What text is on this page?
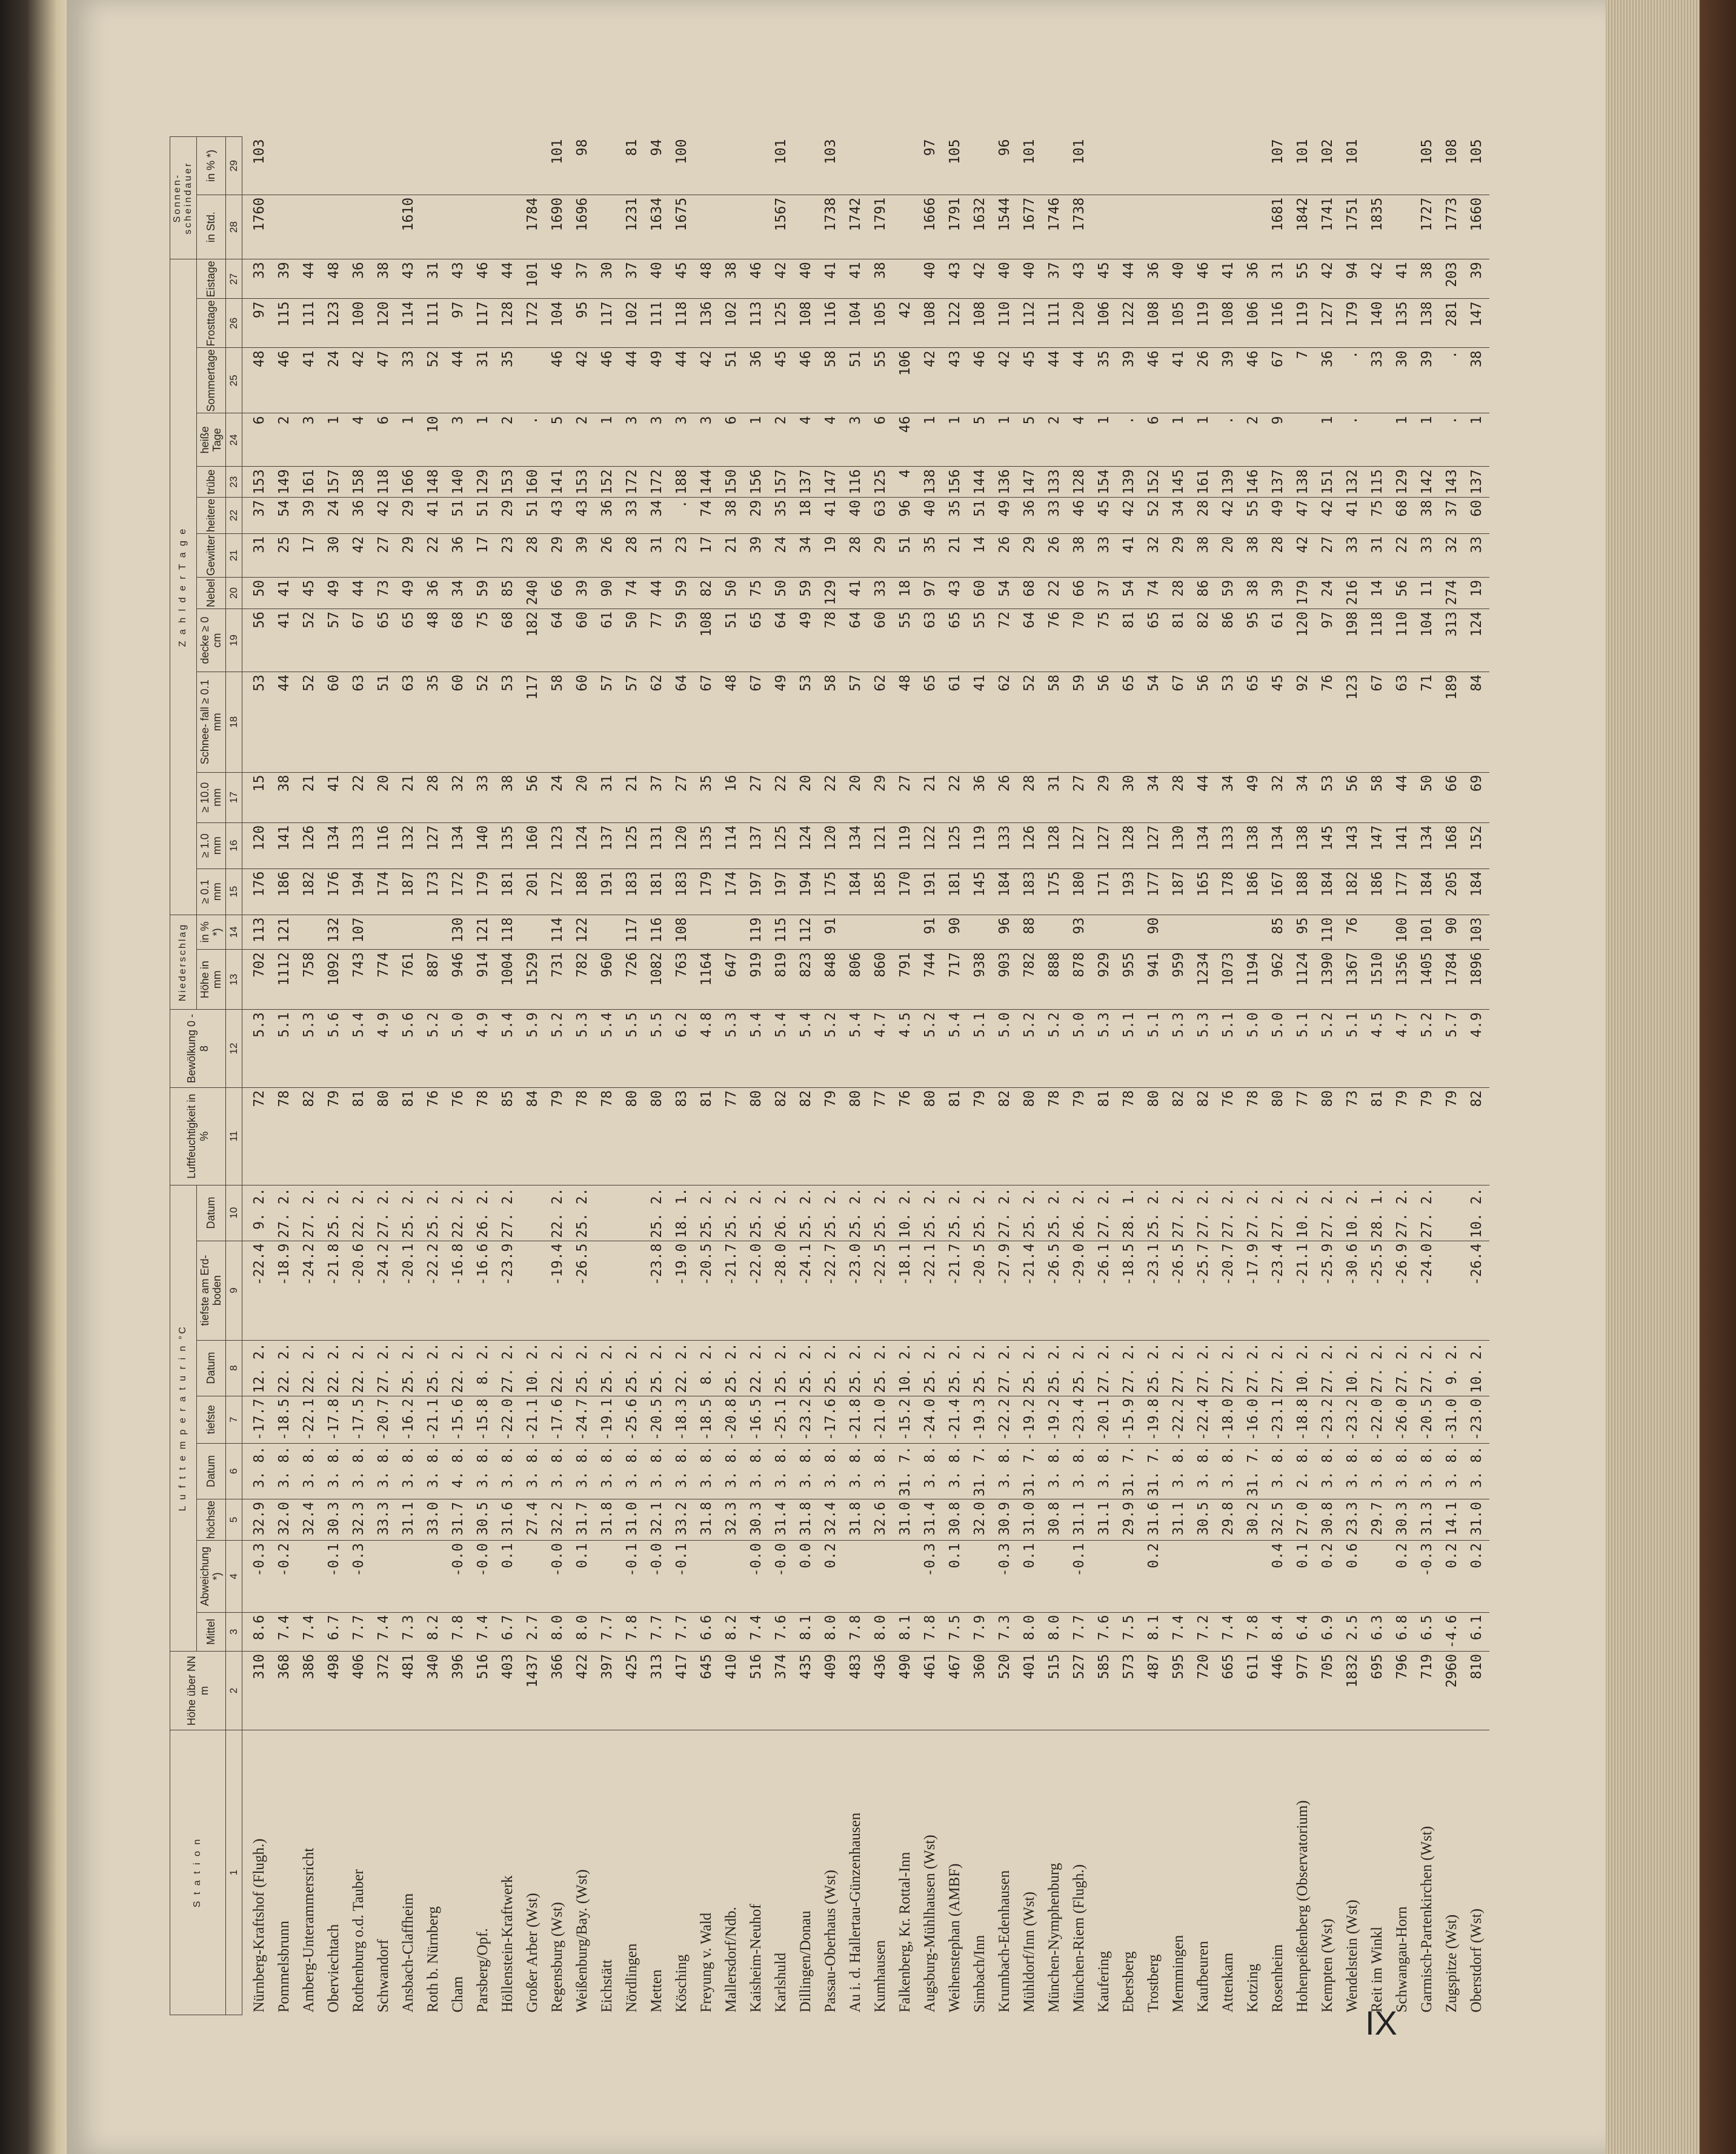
S t a t i o n	Höhe über NN m	L u f t t e m p e r a t u r i n °C								Luftfeuchtigkeit in %	Bewölkung 0 - 8	Niederschlag		Z a h l d e r T a g e													Sonnen- scheindauer	
		Mittel	Abweichung *)	höchste	Datum	tiefste	Datum	tiefste am Erd- boden	Datum			Höhe in mm	in % *)	≥ 0.1 mm	≥ 1.0 mm	≥ 10.0 mm	Schnee- fall ≥ 0.1 mm	decke ≥ 0 cm	Nebel	Gewitter	heitere	trübe	heiße Tage	Sommertage	Frosttage	Eistage	in Std.	in % *)
1	2	3	4	5	6	7	8	9	10	11	12	13	14	15	16	17	18	19	20	21	22	23	24	25	26	27	28	29
Nürnberg-Kraftshof (Flugh.)	310	8.6	-0.3	32.9	3. 8.	-17.7	12. 2.	-22.4	9. 2.	72	5.3	702	113	176	120	15	53	56	50	31	37	153	6	48	97	33	1760	103
Pommelsbrunn	368	7.4	-0.2	32.0	3. 8.	-18.5	22. 2.	-18.9	27. 2.	78	5.1	1112	121	186	141	38	44	41	41	25	54	149	2	46	115	39		
Amberg-Unterammersricht	386	7.4		32.4	3. 8.	-22.1	22. 2.	-24.2	27. 2.	82	5.3	758		182	126	21	52	52	45	17	39	161	3	41	111	44		
Oberviechtach	498	6.7	-0.1	30.3	3. 8.	-17.8	22. 2.	-21.8	25. 2.	79	5.6	1092	132	176	134	41	60	57	49	30	24	157	1	24	123	48		
Rothenburg o.d. Tauber	406	7.7	-0.3	32.3	3. 8.	-17.5	22. 2.	-20.6	22. 2.	81	5.4	743	107	194	133	22	63	67	44	42	36	158	4	42	100	36		
Schwandorf	372	7.4		33.3	3. 8.	-20.7	27. 2.	-24.2	27. 2.	80	4.9	774		174	116	20	51	65	73	27	42	118	6	47	120	38		
Ansbach-Claffheim	481	7.3		31.1	3. 8.	-16.2	25. 2.	-20.1	25. 2.	81	5.6	761		187	132	21	63	65	49	29	29	166	1	33	114	43	1610	
Roth b. Nürnberg	340	8.2		33.0	3. 8.	-21.1	25. 2.	-22.2	25. 2.	76	5.2	887		173	127	28	35	48	36	22	41	148	10	52	111	31		
Cham	396	7.8	-0.0	31.7	4. 8.	-15.6	22. 2.	-16.8	22. 2.	76	5.0	946	130	172	134	32	60	68	34	36	51	140	3	44	97	43		
Parsberg/Opf.	516	7.4	-0.0	30.5	3. 8.	-15.8	8. 2.	-16.6	26. 2.	78	4.9	914	121	179	140	33	52	75	59	17	51	129	1	31	117	46		
Höllenstein-Kraftwerk	403	6.7	0.1	31.6	3. 8.	-22.0	27. 2.	-23.9	27. 2.	85	5.4	1004	118	181	135	38	53	68	85	23	29	153	2	35	128	44		
Großer Arber (Wst)	1437	2.7		27.4	3. 8.	-21.1	10. 2.			84	5.9	1529		201	160	56	117	182	240	28	51	160	.		172	101	1784	
Regensburg (Wst)	366	8.0	-0.0	32.2	3. 8.	-17.6	22. 2.	-19.4	22. 2.	79	5.2	731	114	172	123	24	58	64	66	29	43	141	5	46	104	46	1690	101
Weißenburg/Bay. (Wst)	422	8.0	0.1	31.7	3. 8.	-24.7	25. 2.	-26.5	25. 2.	78	5.3	782	122	188	124	20	60	60	39	39	43	153	2	42	95	37	1696	98
Eichstätt	397	7.7		31.8	3. 8.	-19.1	25. 2.			78	5.4	960		191	137	31	57	61	90	26	36	152	1	46	117	30		
Nördlingen	425	7.8	-0.1	31.0	3. 8.	-25.6	25. 2.			80	5.5	726	117	183	125	21	57	50	74	28	33	172	3	44	102	37	1231	81
Metten	313	7.7	-0.0	32.1	3. 8.	-20.5	25. 2.	-23.8	25. 2.	80	5.5	1082	116	181	131	37	62	77	44	31	34	172	3	49	111	40	1634	94
Kösching	417	7.7	-0.1	33.2	3. 8.	-18.3	22. 2.	-19.0	18. 1.	83	6.2	763	108	183	120	27	64	59	59	23	.	188	3	44	118	45	1675	100
Freyung v. Wald	645	6.6		31.8	3. 8.	-18.5	8. 2.	-20.5	25. 2.	81	4.8	1164		179	135	35	67	108	82	17	74	144	3	42	136	48		
Mallersdorf/Ndb.	410	8.2		32.3	3. 8.	-20.8	25. 2.	-21.7	25. 2.	77	5.3	647		174	114	16	48	51	50	21	38	150	6	51	102	38		
Kaisheim-Neuhof	516	7.4	-0.0	30.3	3. 8.	-16.5	22. 2.	-22.0	25. 2.	80	5.4	919	119	197	137	27	67	65	75	39	29	156	1	36	113	46		
Karlshuld	374	7.6	-0.0	31.4	3. 8.	-25.1	25. 2.	-28.0	26. 2.	82	5.4	819	115	197	125	22	49	64	50	24	35	157	2	45	125	42	1567	101
Dillingen/Donau	435	8.1	0.0	31.8	3. 8.	-23.2	25. 2.	-24.1	25. 2.	82	5.4	823	112	194	124	20	53	49	59	34	18	137	4	46	108	40		
Passau-Oberhaus (Wst)	409	8.0	0.2	32.4	3. 8.	-17.6	25. 2.	-22.7	25. 2.	79	5.2	848	91	175	120	22	58	78	129	19	41	147	4	58	116	41	1738	103
Au i. d. Hallertau-Günzenhausen	483	7.8		31.8	3. 8.	-21.8	25. 2.	-23.0	25. 2.	80	5.4	806		184	134	20	57	64	41	28	40	116	3	51	104	41	1742	
Kumhausen	436	8.0		32.6	3. 8.	-21.0	25. 2.	-22.5	25. 2.	77	4.7	860		185	121	29	62	60	33	29	63	125	6	55	105	38	1791	
Falkenberg, Kr. Rottal-Inn	490	8.1		31.0	31. 7.	-15.2	10. 2.	-18.1	10. 2.	76	4.5	791		170	119	27	48	55	18	51	96	4	46	106	42			
Augsburg-Mühlhausen (Wst)	461	7.8	-0.3	31.4	3. 8.	-24.0	25. 2.	-22.1	25. 2.	80	5.2	744	91	191	122	21	65	63	97	35	40	138	1	42	108	40	1666	97
Weihenstephan (AMBF)	467	7.5	0.1	30.8	3. 8.	-21.4	25. 2.	-21.7	25. 2.	81	5.4	717	90	181	125	22	61	65	43	21	35	156	1	43	122	43	1791	105
Simbach/Inn	360	7.9		32.0	31. 7.	-19.3	25. 2.	-20.5	25. 2.	79	5.1	938		145	119	36	41	55	60	14	51	144	5	46	108	42	1632	
Krumbach-Edenhausen	520	7.3	-0.3	30.9	3. 8.	-22.2	27. 2.	-27.9	27. 2.	82	5.0	903	96	184	133	26	62	72	54	26	49	136	1	42	110	40	1544	96
Mühldorf/Inn (Wst)	401	8.0	0.1	31.0	31. 7.	-19.2	25. 2.	-21.4	25. 2.	80	5.2	782	88	183	126	28	52	64	68	29	36	147	5	45	112	40	1677	101
München-Nymphenburg	515	8.0		30.8	3. 8.	-19.2	25. 2.	-26.5	25. 2.	78	5.2	888		175	128	31	58	76	22	26	33	133	2	44	111	37	1746	
München-Riem (Flugh.)	527	7.7	-0.1	31.1	3. 8.	-23.4	25. 2.	-29.0	26. 2.	79	5.0	878	93	180	127	27	59	70	66	38	46	128	4	44	120	43	1738	101
Kaufering	585	7.6		31.1	3. 8.	-20.1	27. 2.	-26.1	27. 2.	81	5.3	929		171	127	29	56	75	37	33	45	154	1	35	106	45		
Ebersberg	573	7.5		29.9	31. 7.	-15.9	27. 2.	-18.5	28. 1.	78	5.1	955		193	128	30	65	81	54	41	42	139	.	39	122	44		
Trostberg	487	8.1	0.2	31.6	31. 7.	-19.8	25. 2.	-23.1	25. 2.	80	5.1	941	90	177	127	34	54	65	74	32	52	152	6	46	108	36		
Memmingen	595	7.4		31.1	3. 8.	-22.2	27. 2.	-26.5	27. 2.	82	5.3	959		187	130	28	67	81	28	29	34	145	1	41	105	40		
Kaufbeuren	720	7.2		30.5	3. 8.	-22.4	27. 2.	-25.7	27. 2.	82	5.3	1234		165	134	44	56	82	86	38	28	161	1	26	119	46		
Attenkam	665	7.4		29.8	3. 8.	-18.0	27. 2.	-20.7	27. 2.	76	5.1	1073		178	133	34	53	86	59	20	42	139	.	39	108	41		
Kotzing	611	7.8		30.2	31. 7.	-16.0	27. 2.	-17.9	27. 2.	78	5.0	1194		186	138	49	65	95	38	38	55	146	2	46	106	36		
Rosenheim	446	8.4	0.4	32.5	3. 8.	-23.1	27. 2.	-23.4	27. 2.	80	5.0	962	85	167	134	32	45	61	39	28	49	137	9	67	116	31	1681	107
Hohenpeißenberg (Observatorium)	977	6.4	0.1	27.0	2. 8.	-18.8	10. 2.	-21.1	10. 2.	77	5.1	1124	95	188	138	34	92	120	179	42	47	138		7	119	55	1842	101
Kempten (Wst)	705	6.9	0.2	30.8	3. 8.	-23.2	27. 2.	-25.9	27. 2.	80	5.2	1390	110	184	145	53	76	97	24	27	42	151	1	36	127	42	1741	102
Wendelstein (Wst)	1832	2.5	0.6	23.3	3. 8.	-23.2	10. 2.	-30.6	10. 2.	73	5.1	1367	76	182	143	56	123	198	216	33	41	132	.	.	179	94	1751	101
Reit im Winkl	695	6.3		29.7	3. 8.	-22.0	27. 2.	-25.5	28. 1.	81	4.5	1510		186	147	58	67	118	14	31	75	115		33	140	42	1835	
Schwangau-Horn	796	6.8	0.2	30.3	3. 8.	-26.0	27. 2.	-26.9	27. 2.	79	4.7	1356	100	177	141	44	63	110	56	22	68	129	1	30	135	41		
Garmisch-Partenkirchen (Wst)	719	6.5	-0.3	31.3	3. 8.	-20.5	27. 2.	-24.0	27. 2.	79	5.2	1405	101	184	134	50	71	104	11	33	38	142	1	39	138	38	1727	105
Zugspitze (Wst)	2960	-4.6	0.2	14.1	3. 8.	-31.0	9. 2.			79	5.7	1784	90	205	168	66	189	313	274	32	37	143	.	.	281	203	1773	108
Oberstdorf (Wst)	810	6.1	0.2	31.0	3. 8.	-23.0	10. 2.	-26.4	10. 2.	82	4.9	1896	103	184	152	69	84	124	19	33	60	137	1	38	147	39	1660	105
IX
